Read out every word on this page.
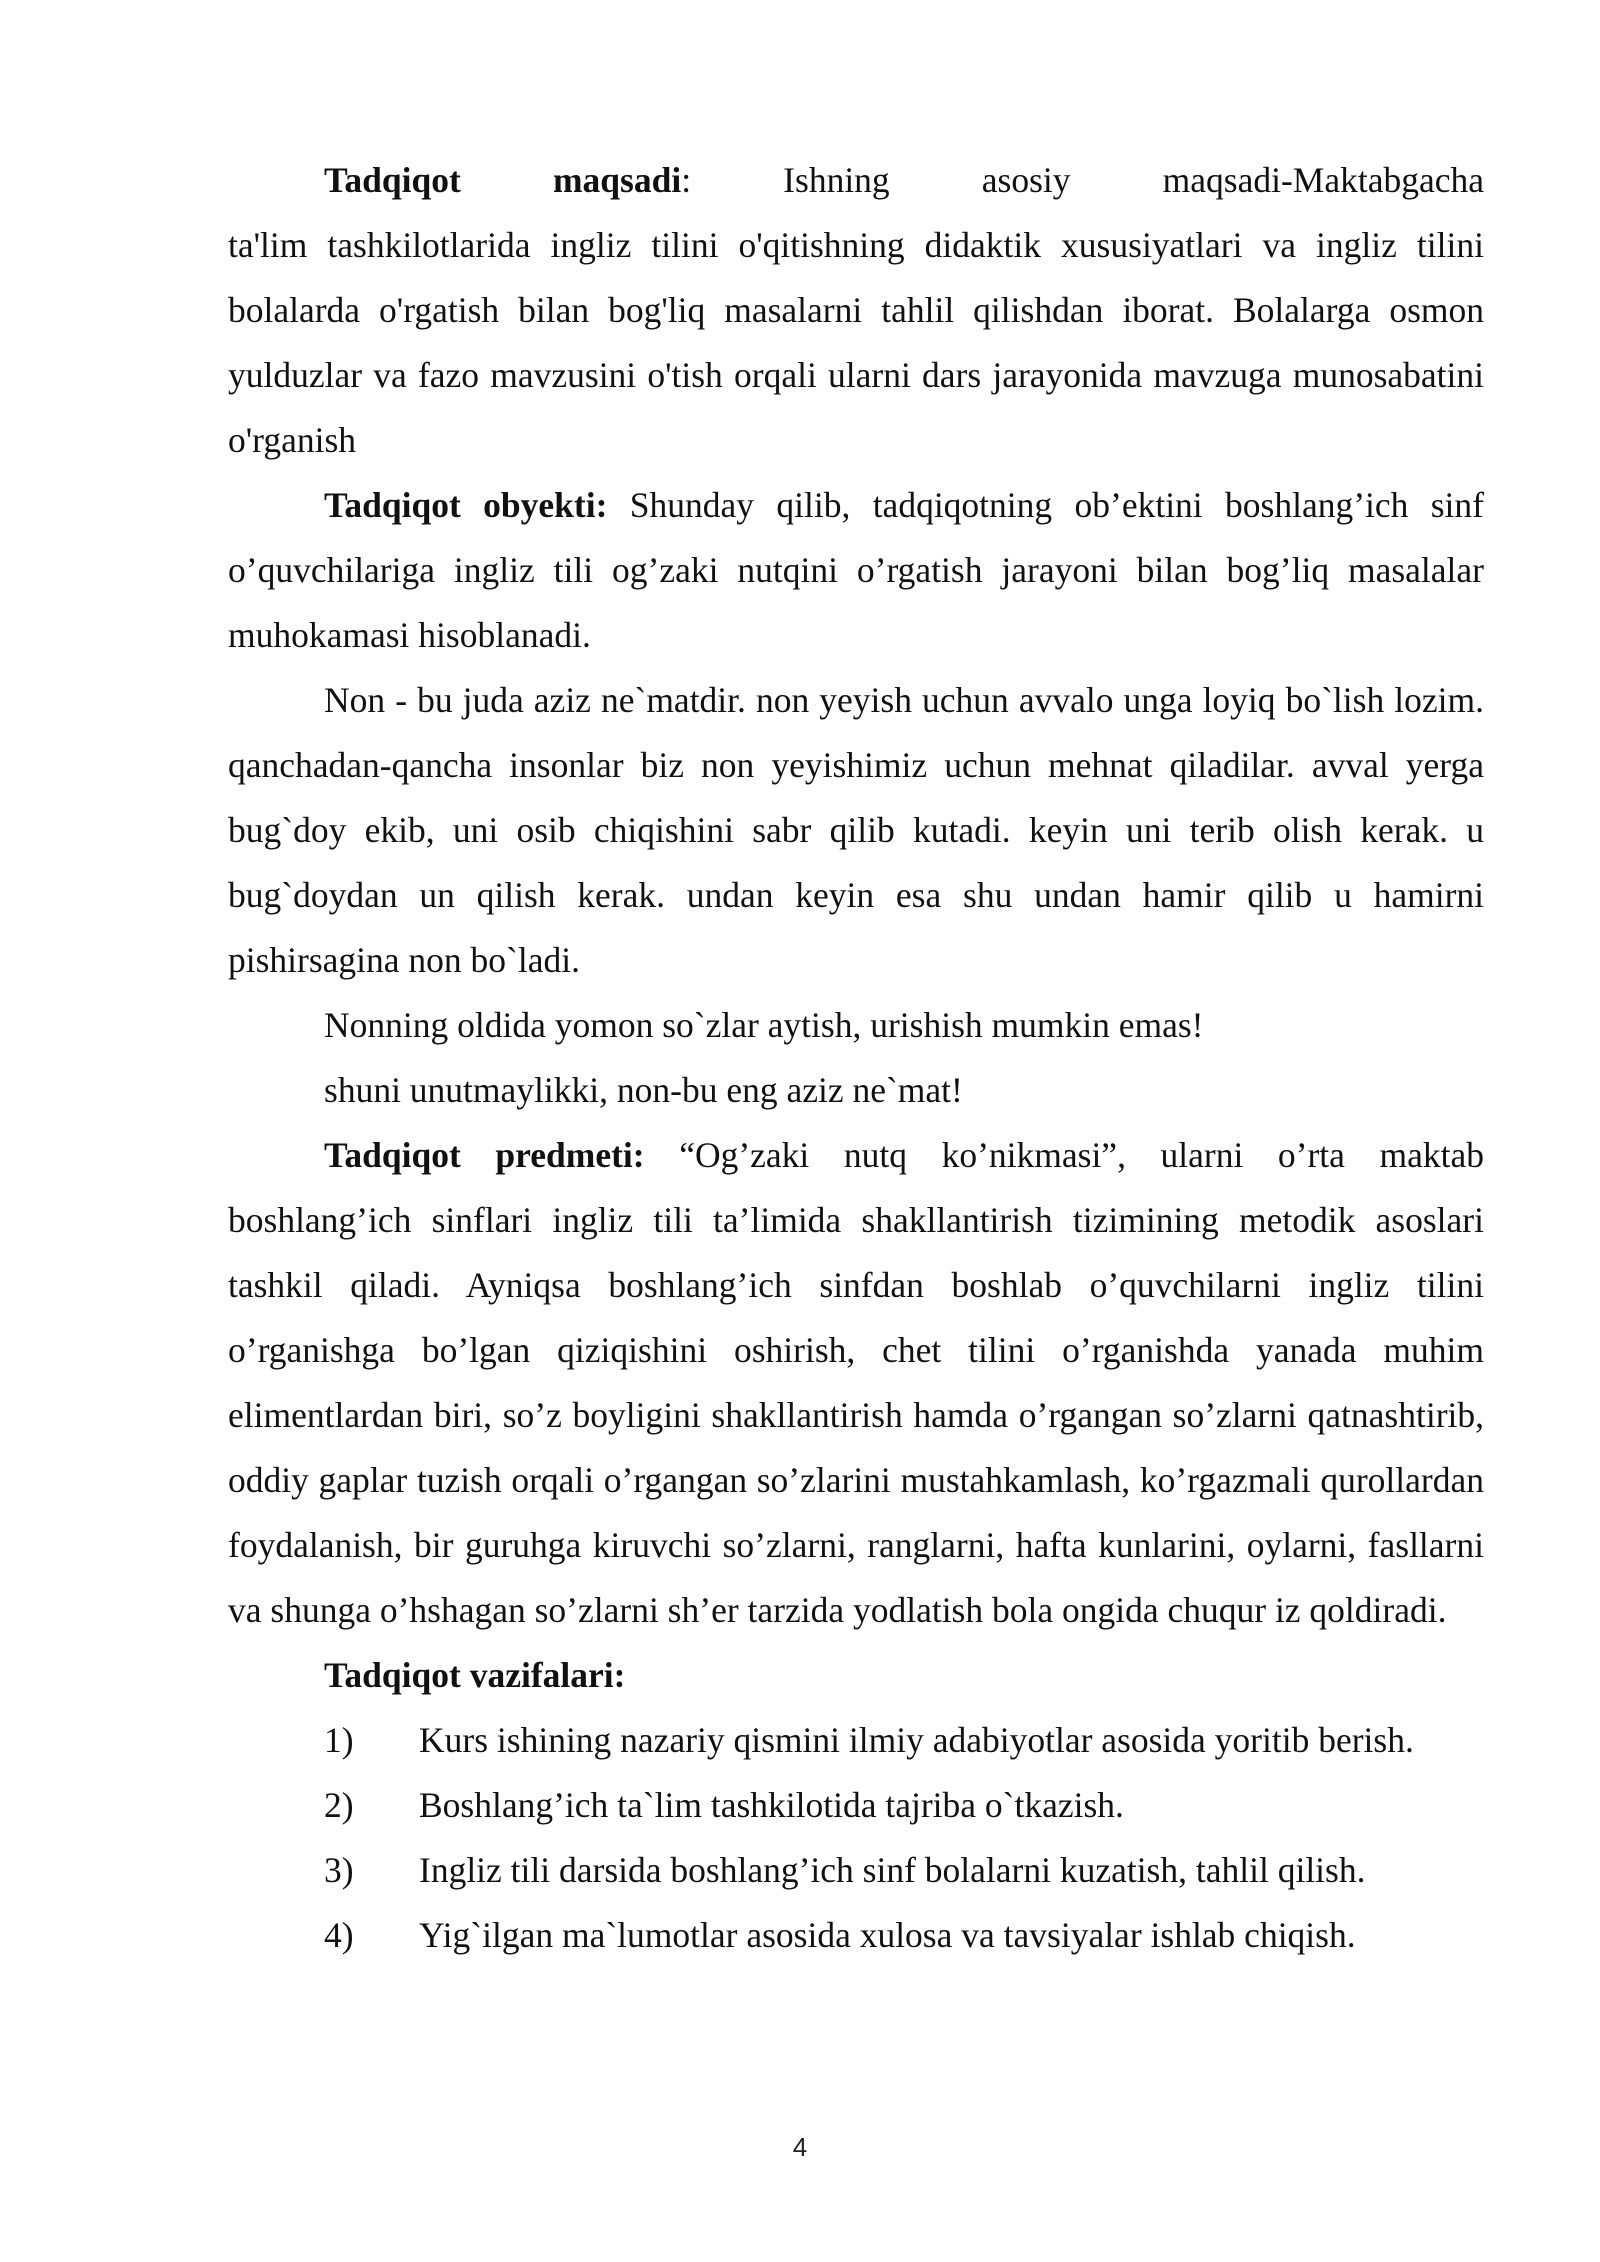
Tadqiqot maqsadi: Ishning asosiy maqsadi-Maktabgacha

ta'lim tashkilotlarida ingliz tilini o'qitishning didaktik xususiyatlari va ingliz tilini bolalarda o'rgatish bilan bog'liq masalarni tahlil qilishdan iborat. Bolalarga osmon yulduzlar va fazo mavzusini o'tish orqali ularni dars jarayonida mavzuga munosabatini o'rganish

Tadqiqot obyekti: Shunday qilib, tadqiqotning ob’ektini boshlang’ich sinf o’quvchilariga ingliz tili og’zaki nutqini o’rgatish jarayoni bilan bog’liq masalalar muhokamasi hisoblanadi.

Non - bu juda aziz ne`matdir. non yeyish uchun avvalo unga loyiq bo`lish lozim. qanchadan-qancha insonlar biz non yeyishimiz uchun mehnat qiladilar. avval yerga bug`doy ekib, uni osib chiqishini sabr qilib kutadi. keyin uni terib olish kerak. u bug`doydan un qilish kerak. undan keyin esa shu undan hamir qilib u hamirni pishirsagina non bo`ladi.

Nonning oldida yomon so`zlar aytish, urishish mumkin emas!

shuni unutmaylikki, non-bu eng aziz ne`mat!

Tadqiqot predmeti: “Og’zaki nutq ko’nikmasi”, ularni o’rta maktab boshlang’ich sinflari ingliz tili ta’limida shakllantirish tizimining metodik asoslari tashkil qiladi. Ayniqsa boshlang’ich sinfdan boshlab o’quvchilarni ingliz tilini o’rganishga bo’lgan qiziqishini oshirish, chet tilini o’rganishda yanada muhim elimentlardan biri, so’z boyligini shakllantirish hamda o’rgangan so’zlarni qatnashtirib, oddiy gaplar tuzish orqali o’rgangan so’zlarini mustahkamlash, ko’rgazmali qurollardan foydalanish, bir guruhga kiruvchi so’zlarni, ranglarni, hafta kunlarini, oylarni, fasllarni va shunga o’hshagan so’zlarni sh’er tarzida yodlatish bola ongida chuqur iz qoldiradi.

Tadqiqot vazifalari:

1)	Kurs ishining nazariy qismini ilmiy adabiyotlar asosida yoritib berish.
2)	Boshlang’ich ta`lim tashkilotida tajriba o`tkazish.
3)	Ingliz tili darsida boshlang’ich sinf bolalarni kuzatish, tahlil qilish.
4)	Yig`ilgan ma`lumotlar asosida xulosa va tavsiyalar ishlab chiqish.
4
